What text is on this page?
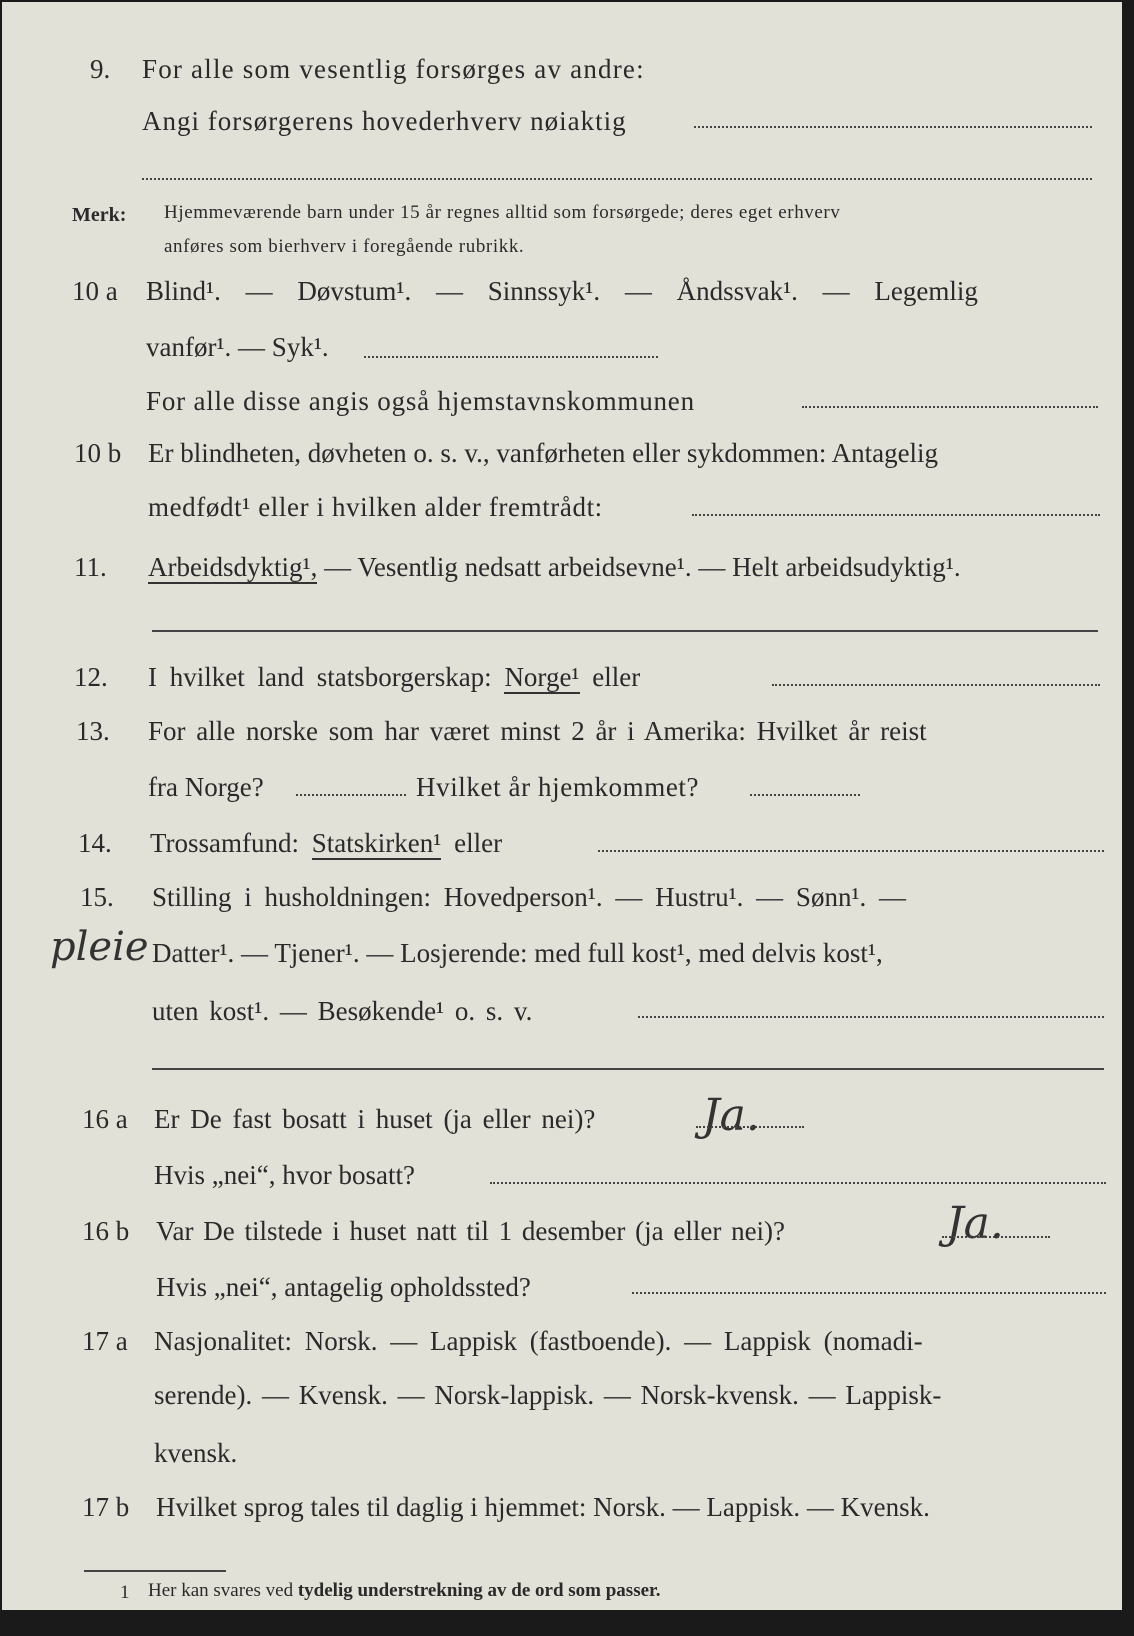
9. For alle som vesentlig forsørges av andre:
Angi forsørgerens hovederhverv nøiaktig
Merk: Hjemmeværende barn under 15 år regnes alltid som forsørgede; deres eget erhverv
anføres som bierhverv i foregående rubrikk.
10 a Blind¹. — Døvstum¹. — Sinnssyk¹. — Åndssvak¹. — Legemlig
vanfør¹. — Syk¹.
For alle disse angis også hjemstavnskommunen
10 b Er blindheten, døvheten o. s. v., vanførheten eller sykdommen: Antagelig
medfødt¹ eller i hvilken alder fremtrådt:
11. Arbeidsdyktig¹, — Vesentlig nedsatt arbeidsevne¹. — Helt arbeidsudyktig¹.
12. I hvilket land statsborgerskap: Norge¹ eller
13. For alle norske som har været minst 2 år i Amerika: Hvilket år reist
fra Norge?	Hvilket år hjemkommet?
14. Trossamfund: Statskirken¹ eller
15. Stilling i husholdningen: Hovedperson¹. — Hustru¹. — Sønn¹. —
pleie Datter¹. — Tjener¹. — Losjerende: med full kost¹, med delvis kost¹,
uten kost¹. — Besøkende¹ o. s. v.
16 a Er De fast bosatt i huset (ja eller nei)? Ja.
Hvis „nei“, hvor bosatt?
16 b Var De tilstede i huset natt til 1 desember (ja eller nei)?	Ja.
Hvis „nei“, antagelig opholdssted?
17 a Nasjonalitet: Norsk. — Lappisk (fastboende). — Lappisk (nomadi-
serende). — Kvensk. — Norsk-lappisk. — Norsk-kvensk. — Lappisk-
kvensk.
17 b Hvilket sprog tales til daglig i hjemmet: Norsk. — Lappisk. — Kvensk.
1 Her kan svares ved tydelig understrekning av de ord som passer.
